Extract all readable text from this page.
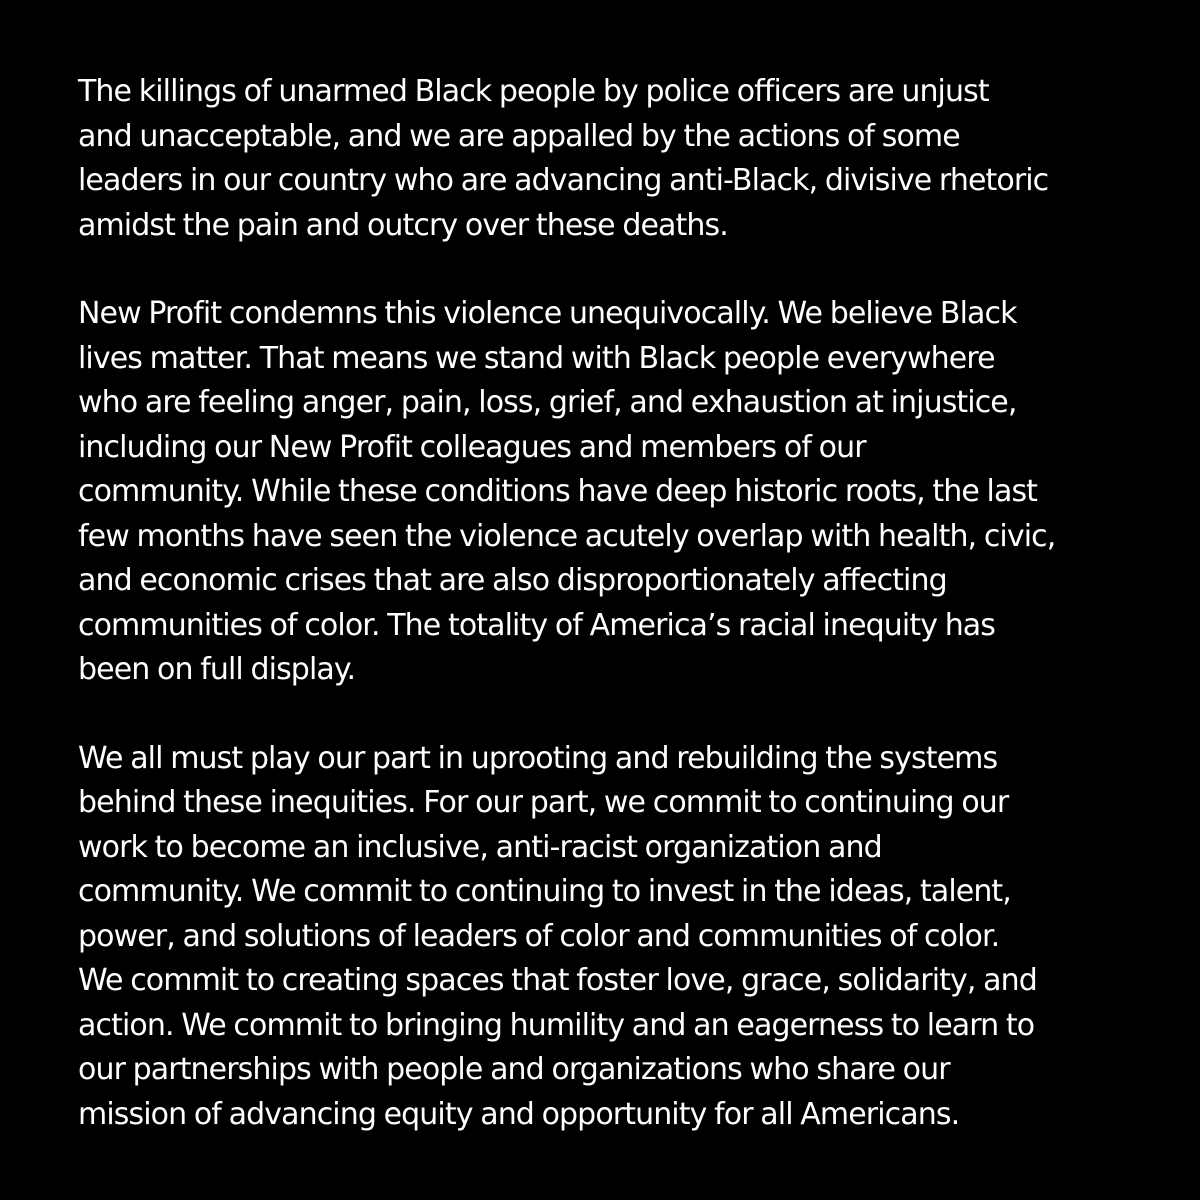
The killings of unarmed Black people by police officers are unjust
and unacceptable, and we are appalled by the actions of some
leaders in our country who are advancing anti-Black, divisive rhetoric
amidst the pain and outcry over these deaths.

New Profit condemns this violence unequivocally. We believe Black
lives matter. That means we stand with Black people everywhere
who are feeling anger, pain, loss, grief, and exhaustion at injustice,
including our New Profit colleagues and members of our
community. While these conditions have deep historic roots, the last
few months have seen the violence acutely overlap with health, civic,
and economic crises that are also disproportionately affecting
communities of color. The totality of America’s racial inequity has
been on full display.

We all must play our part in uprooting and rebuilding the systems
behind these inequities. For our part, we commit to continuing our
work to become an inclusive, anti-racist organization and
community. We commit to continuing to invest in the ideas, talent,
power, and solutions of leaders of color and communities of color.
We commit to creating spaces that foster love, grace, solidarity, and
action. We commit to bringing humility and an eagerness to learn to
our partnerships with people and organizations who share our
mission of advancing equity and opportunity for all Americans.
